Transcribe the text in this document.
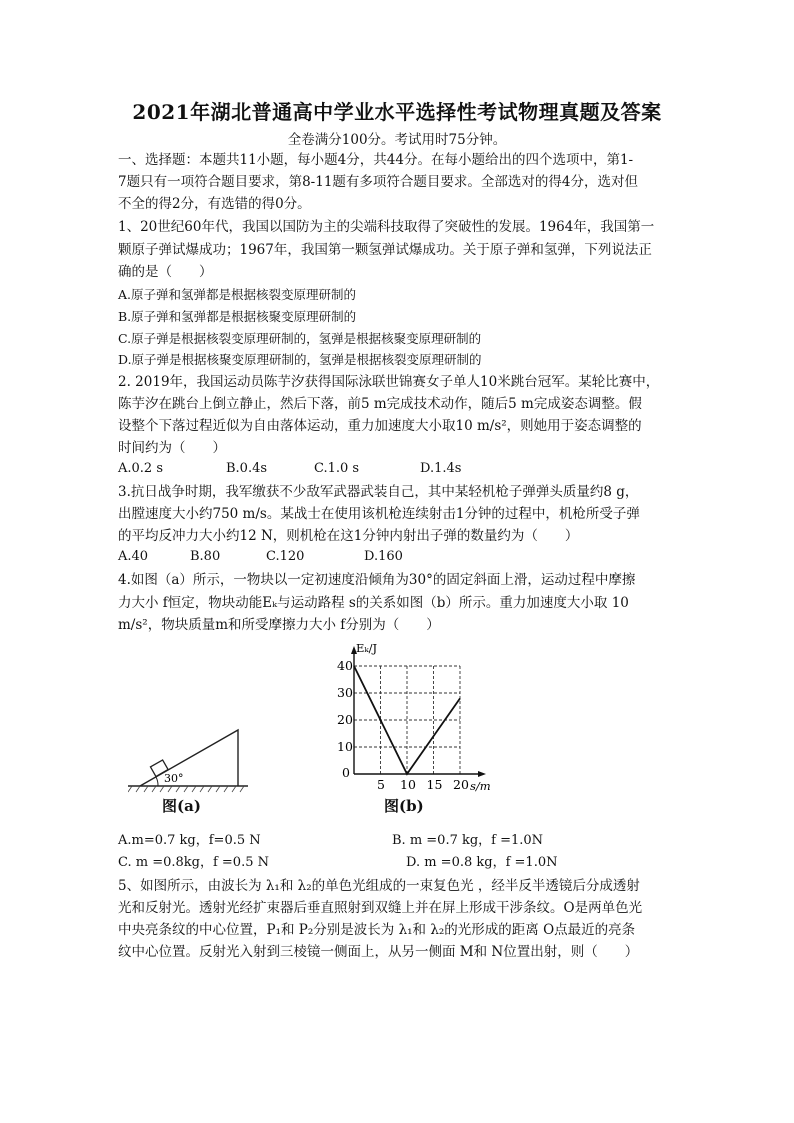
2021年湖北普通高中学业水平选择性考试物理真题及答案
全卷满分100分。考试用时75分钟。
一、选择题：本题共11小题，每小题4分，共44分。在每小题给出的四个选项中，第1-
7题只有一项符合题目要求，第8-11题有多项符合题目要求。全部选对的得4分，选对但
不全的得2分，有选错的得0分。
1、20世纪60年代，我国以国防为主的尖端科技取得了突破性的发展。1964年，我国第一
颗原子弹试爆成功；1967年，我国第一颗氢弹试爆成功。关于原子弹和氢弹，下列说法正
确的是（　　）
A.原子弹和氢弹都是根据核裂变原理研制的
B.原子弹和氢弹都是根据核聚变原理研制的
C.原子弹是根据核裂变原理研制的，氢弹是根据核聚变原理研制的
D.原子弹是根据核聚变原理研制的，氢弹是根据核裂变原理研制的
2. 2019年，我国运动员陈芋汐获得国际泳联世锦赛女子单人10米跳台冠军。某轮比赛中，
陈芋汐在跳台上倒立静止，然后下落，前5 m完成技术动作，随后5 m完成姿态调整。假
设整个下落过程近似为自由落体运动，重力加速度大小取10 m/s²，则她用于姿态调整的
时间约为（　　）
A.0.2 s	B.0.4s	C.1.0 s	D.1.4s
3.抗日战争时期，我军缴获不少敌军武器武装自己，其中某轻机枪子弹弹头质量约8 g，
出膛速度大小约750 m/s。某战士在使用该机枪连续射击1分钟的过程中，机枪所受子弹
的平均反冲力大小约12 N，则机枪在这1分钟内射出子弹的数量约为（　　）
A.40	B.80	C.120	D.160
4.如图（a）所示，一物块以一定初速度沿倾角为30°的固定斜面上滑，运动过程中摩擦
力大小 f恒定，物块动能Eₖ与运动路程 s的关系如图（b）所示。重力加速度大小取 10
m/s²，物块质量m和所受摩擦力大小 f分别为（　　）
30°
图(a)
0
5 10 15 20
10
20
30
40
s/m
Eₖ/J
图(b)
A.m=0.7 kg，f=0.5 N	B. m =0.7 kg，f =1.0N
C. m =0.8kg，f =0.5 N	D. m =0.8 kg，f =1.0N
5、如图所示，由波长为 λ₁和 λ₂的单色光组成的一束复色光 ，经半反半透镜后分成透射
光和反射光。透射光经扩束器后垂直照射到双缝上并在屏上形成干涉条纹。O是两单色光
中央亮条纹的中心位置，P₁和 P₂分别是波长为 λ₁和 λ₂的光形成的距离 O点最近的亮条
纹中心位置。反射光入射到三棱镜一侧面上，从另一侧面 M和 N位置出射，则（　　）
